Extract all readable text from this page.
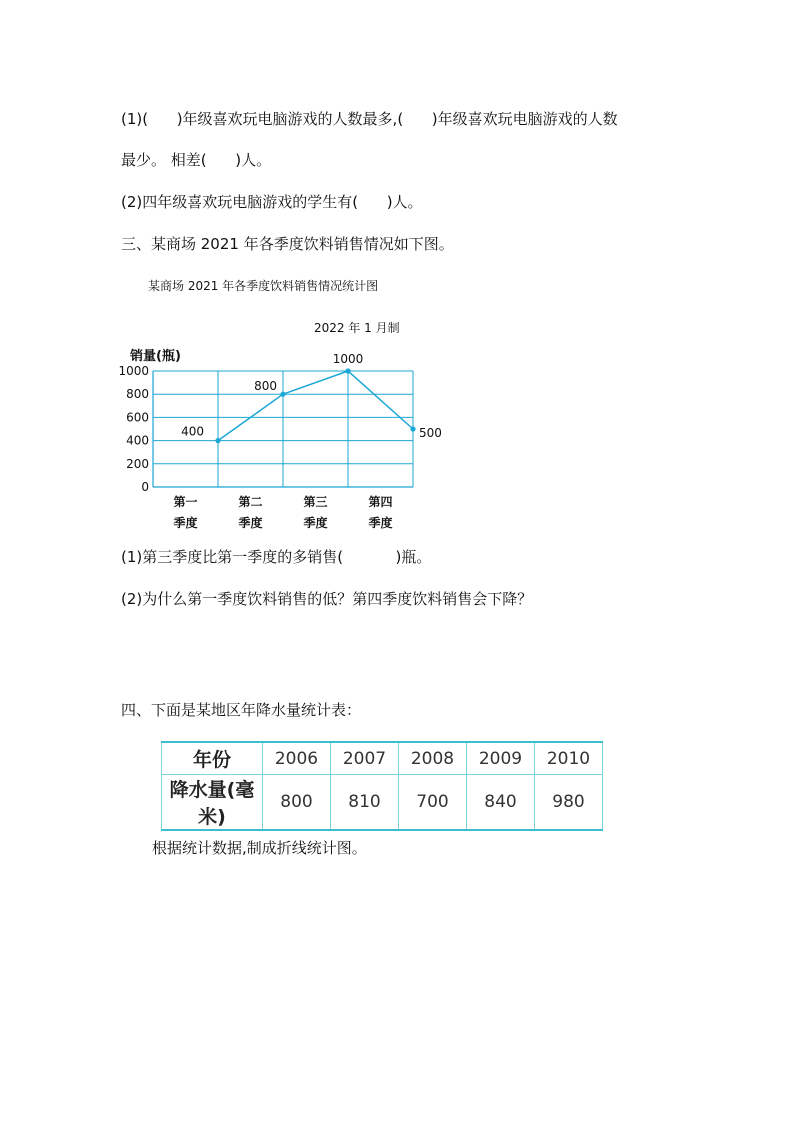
(1)(      )年级喜欢玩电脑游戏的人数最多,(      )年级喜欢玩电脑游戏的人数
最少。 相差(      )人。
(2)四年级喜欢玩电脑游戏的学生有(      )人。
三、某商场 2021 年各季度饮料销售情况如下图。
某商场 2021 年各季度饮料销售情况统计图
2022 年 1 月制
0
200
400
600
800
1000
第一
季度
第二
季度
第三
季度
第四
季度
400
800
1000
500
销量(瓶)
(1)第三季度比第一季度的多销售(           )瓶。
(2)为什么第一季度饮料销售的低？第四季度饮料销售会下降？
四、下面是某地区年降水量统计表：
年份	2006	2007	2008	2009	2010
降水量(毫米)	800	810	700	840	980
根据统计数据,制成折线统计图。
